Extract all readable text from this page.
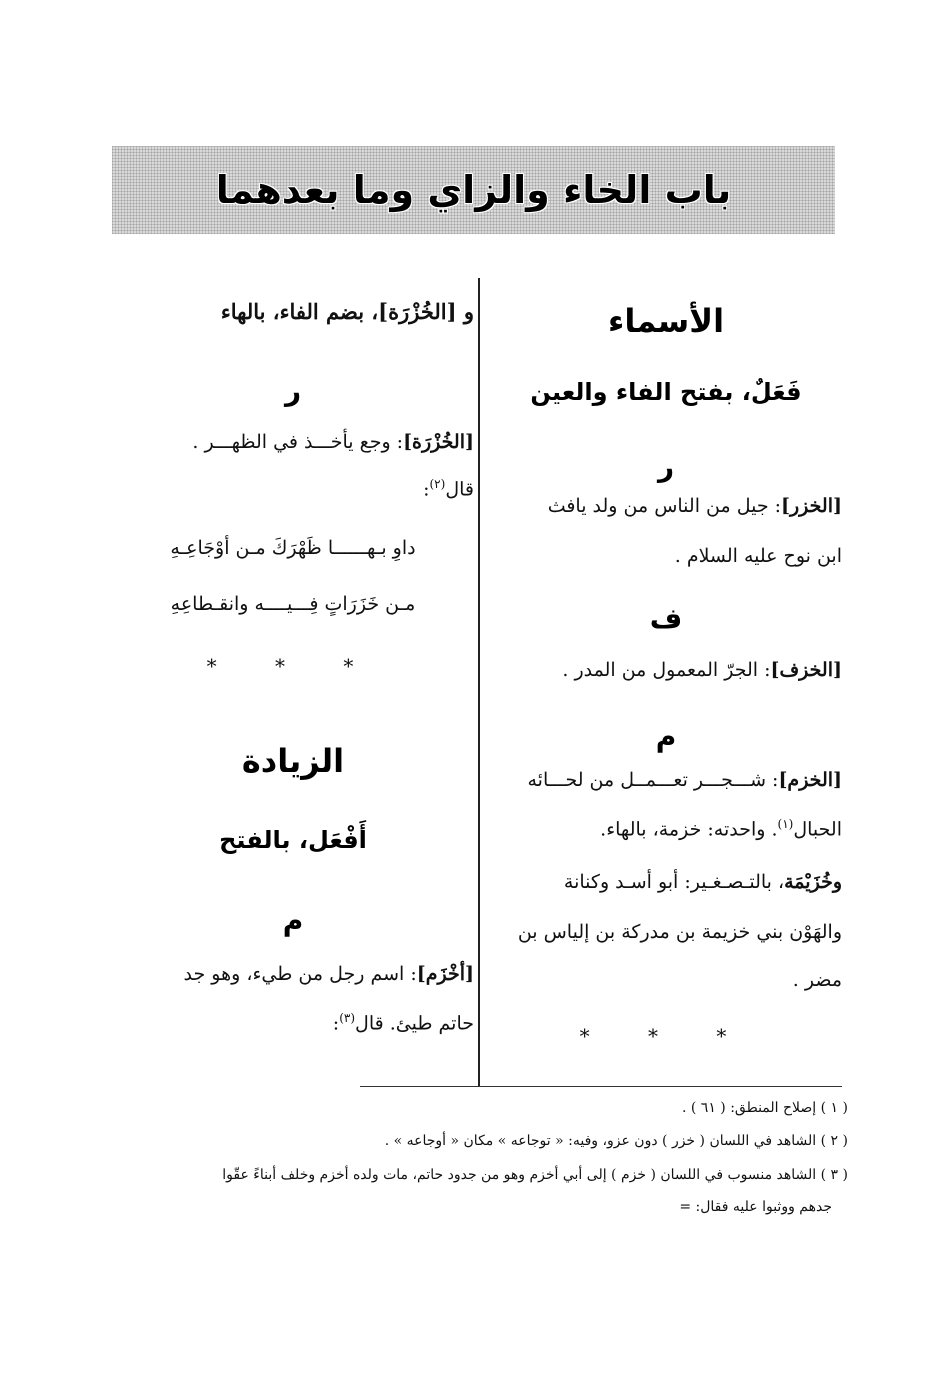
باب الخاء والزاي وما بعدهما
الأسماء
فَعَلٌ، بفتح الفاء والعين
ر
[الخزر]: جيل من الناس من ولد يافث
ابن نوح عليه السلام .
ف
[الخزف]: الجرّ المعمول من المدر .
م
[الخزم]: شـــجـــر تعـــمــل من لحـــائه
الحبال$^{(١)}$. واحدته: خزمة، بالهاء.
وخُزَيْمَة، بالتـصـغـير: أبو أسـد وكنانة
والهَوْن بني خزيمة بن مدركة بن إلياس بن
مضر .
* * *
و [الخُزْرَة]، بضم الفاء، بالهاء
ر
[الخُزْرَة]: وجع يأخـــذ في الظهـــر .
قال$^{(٢)}$:
داوِ بـهــــــا ظَهْرَكَ مـن أوْجَاعِـهِ
مـن خَزَرَاتٍ فِـــيــــه وانقـطاعِهِ
* * *
الزيادة
أَفْعَل، بالفتح
م
[أخْزَم]: اسم رجل من طيء، وهو جد
حاتم طيئ. قال$^{(٣)}$:
( ١ ) إصلاح المنطق: ( ٦١ ) .
( ٢ ) الشاهد في اللسان ( خزر ) دون عزو، وفيه: « توجاعه » مكان « أوجاعه » .
( ٣ ) الشاهد منسوب في اللسان ( خزم ) إلى أبي أخزم وهو من جدود حاتم، مات ولده أخزم وخلف أبناءً عقّوا
جدهم ووثبوا عليه فقال: =
